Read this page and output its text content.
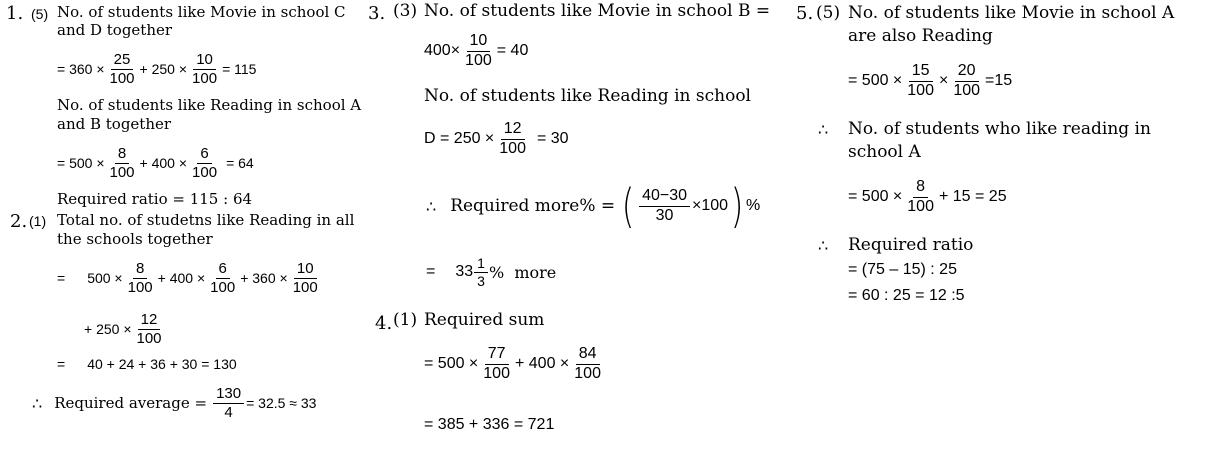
1. (5) No. of students like Movie in school C
and D together
= $360 \times \frac{25}{100} + 250 \times \frac{10}{100} = 115$
No. of students like Reading in school A
and B together
= $500 \times \frac{8}{100} + 400 \times \frac{6}{100} = 64$
Required ratio = 115 : 64
2. (1) Total no. of studetns like Reading in all
the schools together
= $500 \times \frac{8}{100} + 400 \times \frac{6}{100} + 360 \times \frac{10}{100}$
+ $250 \times \frac{12}{100}$
= 40 + 24 + 36 + 30 = 130
∴ Required average = $\frac{130}{4} = 32.5 \approx 33$
3. (3) No. of students like Movie in school B =
$400\times \frac{10}{100} = 40$
No. of students like Reading in school
$D = 250 \times \frac{12}{100} = 30$
∴ Required more% = ( $\frac{40-30}{30} \times 100$ ) %
= $33 \frac{1}{3}$ %  more
4. (1) Required sum
= $500 \times \frac{77}{100} + 400 \times \frac{84}{100}$
= 385 + 336 = 721
5. (5) No. of students like Movie in school A
are also Reading
= $500 \times \frac{15}{100} \times \frac{20}{100} =15$
∴ No. of students who like reading in
school A
= $500 \times \frac{8}{100} + 15 = 25$
∴ Required ratio
= (75 – 15) : 25
= 60 : 25 = 12 :5
